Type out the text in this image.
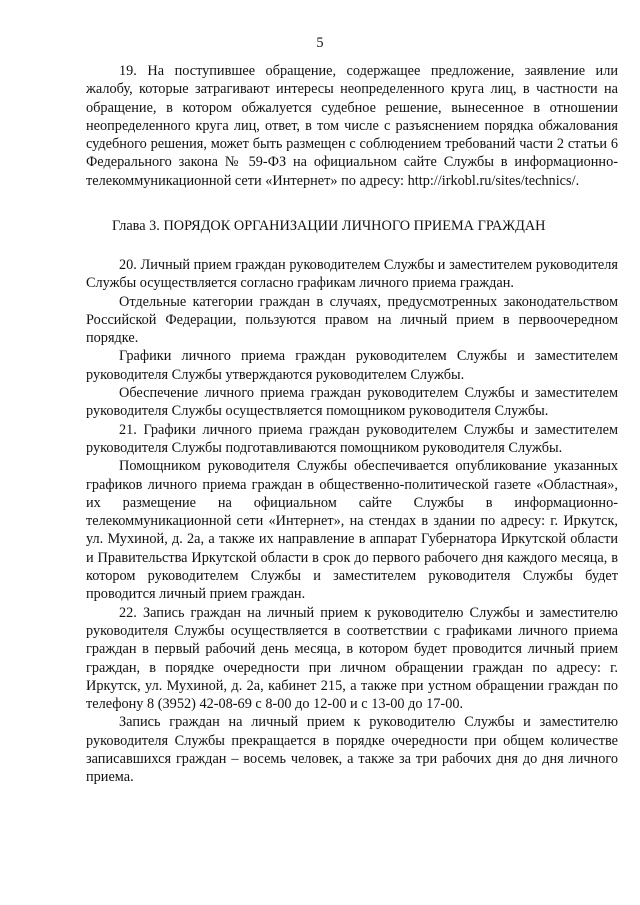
5

19. На поступившее обращение, содержащее предложение, заявление или жалобу, которые затрагивают интересы неопределенного круга лиц, в частности на обращение, в котором обжалуется судебное решение, вынесенное в отношении неопределенного круга лиц, ответ, в том числе с разъяснением порядка обжалования судебного решения, может быть размещен с соблюдением требований части 2 статьи 6 Федерального закона № 59-ФЗ на официальном сайте Службы в информационно-телекоммуникационной сети «Интернет» по адресу: http://irkobl.ru/sites/technics/.

Глава 3. ПОРЯДОК ОРГАНИЗАЦИИ ЛИЧНОГО ПРИЕМА ГРАЖДАН

20. Личный прием граждан руководителем Службы и заместителем руководителя Службы осуществляется согласно графикам личного приема граждан.

Отдельные категории граждан в случаях, предусмотренных законодательством Российской Федерации, пользуются правом на личный прием в первоочередном порядке.

Графики личного приема граждан руководителем Службы и заместителем руководителя Службы утверждаются руководителем Службы.

Обеспечение личного приема граждан руководителем Службы и заместителем руководителя Службы осуществляется помощником руководителя Службы.

21. Графики личного приема граждан руководителем Службы и заместителем руководителя Службы подготавливаются помощником руководителя Службы.

Помощником руководителя Службы обеспечивается опубликование указанных графиков личного приема граждан в общественно-политической газете «Областная», их размещение на официальном сайте Службы в информационно-телекоммуникационной сети «Интернет», на стендах в здании по адресу: г. Иркутск, ул. Мухиной, д. 2а, а также их направление в аппарат Губернатора Иркутской области и Правительства Иркутской области в срок до первого рабочего дня каждого месяца, в котором руководителем Службы и заместителем руководителя Службы будет проводится личный прием граждан.

22. Запись граждан на личный прием к руководителю Службы и заместителю руководителя Службы осуществляется в соответствии с графиками личного приема граждан в первый рабочий день месяца, в котором будет проводится личный прием граждан, в порядке очередности при личном обращении граждан по адресу: г. Иркутск, ул. Мухиной, д. 2а, кабинет 215, а также при устном обращении граждан по телефону 8 (3952) 42-08-69 с 8-00 до 12-00 и с 13-00 до 17-00.

Запись граждан на личный прием к руководителю Службы и заместителю руководителя Службы прекращается в порядке очередности при общем количестве записавшихся граждан – восемь человек, а также за три рабочих дня до дня личного приема.
